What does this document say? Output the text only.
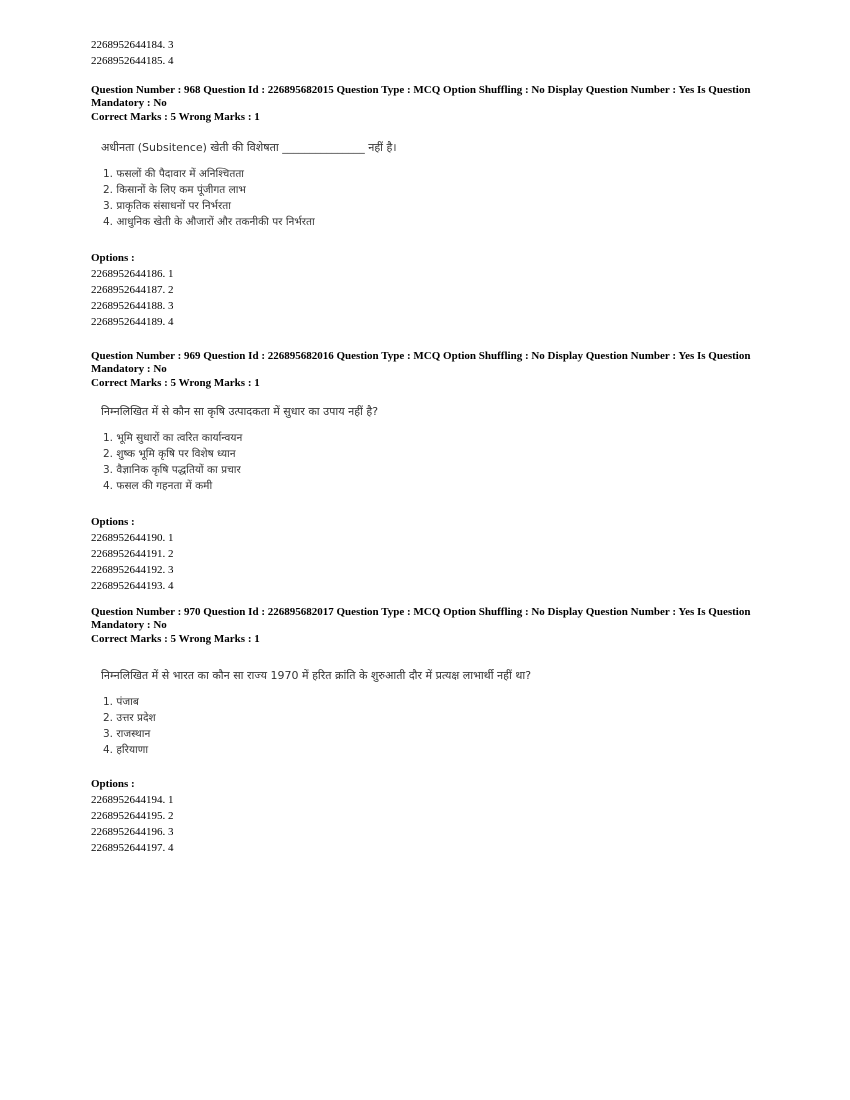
2268952644184. 3
2268952644185. 4
Question Number : 968 Question Id : 226895682015 Question Type : MCQ Option Shuffling : No Display Question Number : Yes Is Question
Mandatory : No
Correct Marks : 5 Wrong Marks : 1
अधीनता (Subsitence) खेती की विशेषता _______________ नहीं है।
1. फसलों की पैदावार में अनिश्चितता
2. किसानों के लिए कम पूंजीगत लाभ
3. प्राकृतिक संसाधनों पर निर्भरता
4. आधुनिक खेती के औजारों और तकनीकी पर निर्भरता
Options :
2268952644186. 1
2268952644187. 2
2268952644188. 3
2268952644189. 4
Question Number : 969 Question Id : 226895682016 Question Type : MCQ Option Shuffling : No Display Question Number : Yes Is Question
Mandatory : No
Correct Marks : 5 Wrong Marks : 1
निम्नलिखित में से कौन सा कृषि उत्पादकता में सुधार का उपाय नहीं है?
1. भूमि सुधारों का त्वरित कार्यान्वयन
2. शुष्क भूमि कृषि पर विशेष ध्यान
3. वैज्ञानिक कृषि पद्धतियों का प्रचार
4. फसल की गहनता में कमी
Options :
2268952644190. 1
2268952644191. 2
2268952644192. 3
2268952644193. 4
Question Number : 970 Question Id : 226895682017 Question Type : MCQ Option Shuffling : No Display Question Number : Yes Is Question
Mandatory : No
Correct Marks : 5 Wrong Marks : 1
निम्नलिखित में से भारत का कौन सा राज्य 1970 में हरित क्रांति के शुरुआती दौर में प्रत्यक्ष लाभार्थी नहीं था?
1. पंजाब
2. उत्तर प्रदेश
3. राजस्थान
4. हरियाणा
Options :
2268952644194. 1
2268952644195. 2
2268952644196. 3
2268952644197. 4
